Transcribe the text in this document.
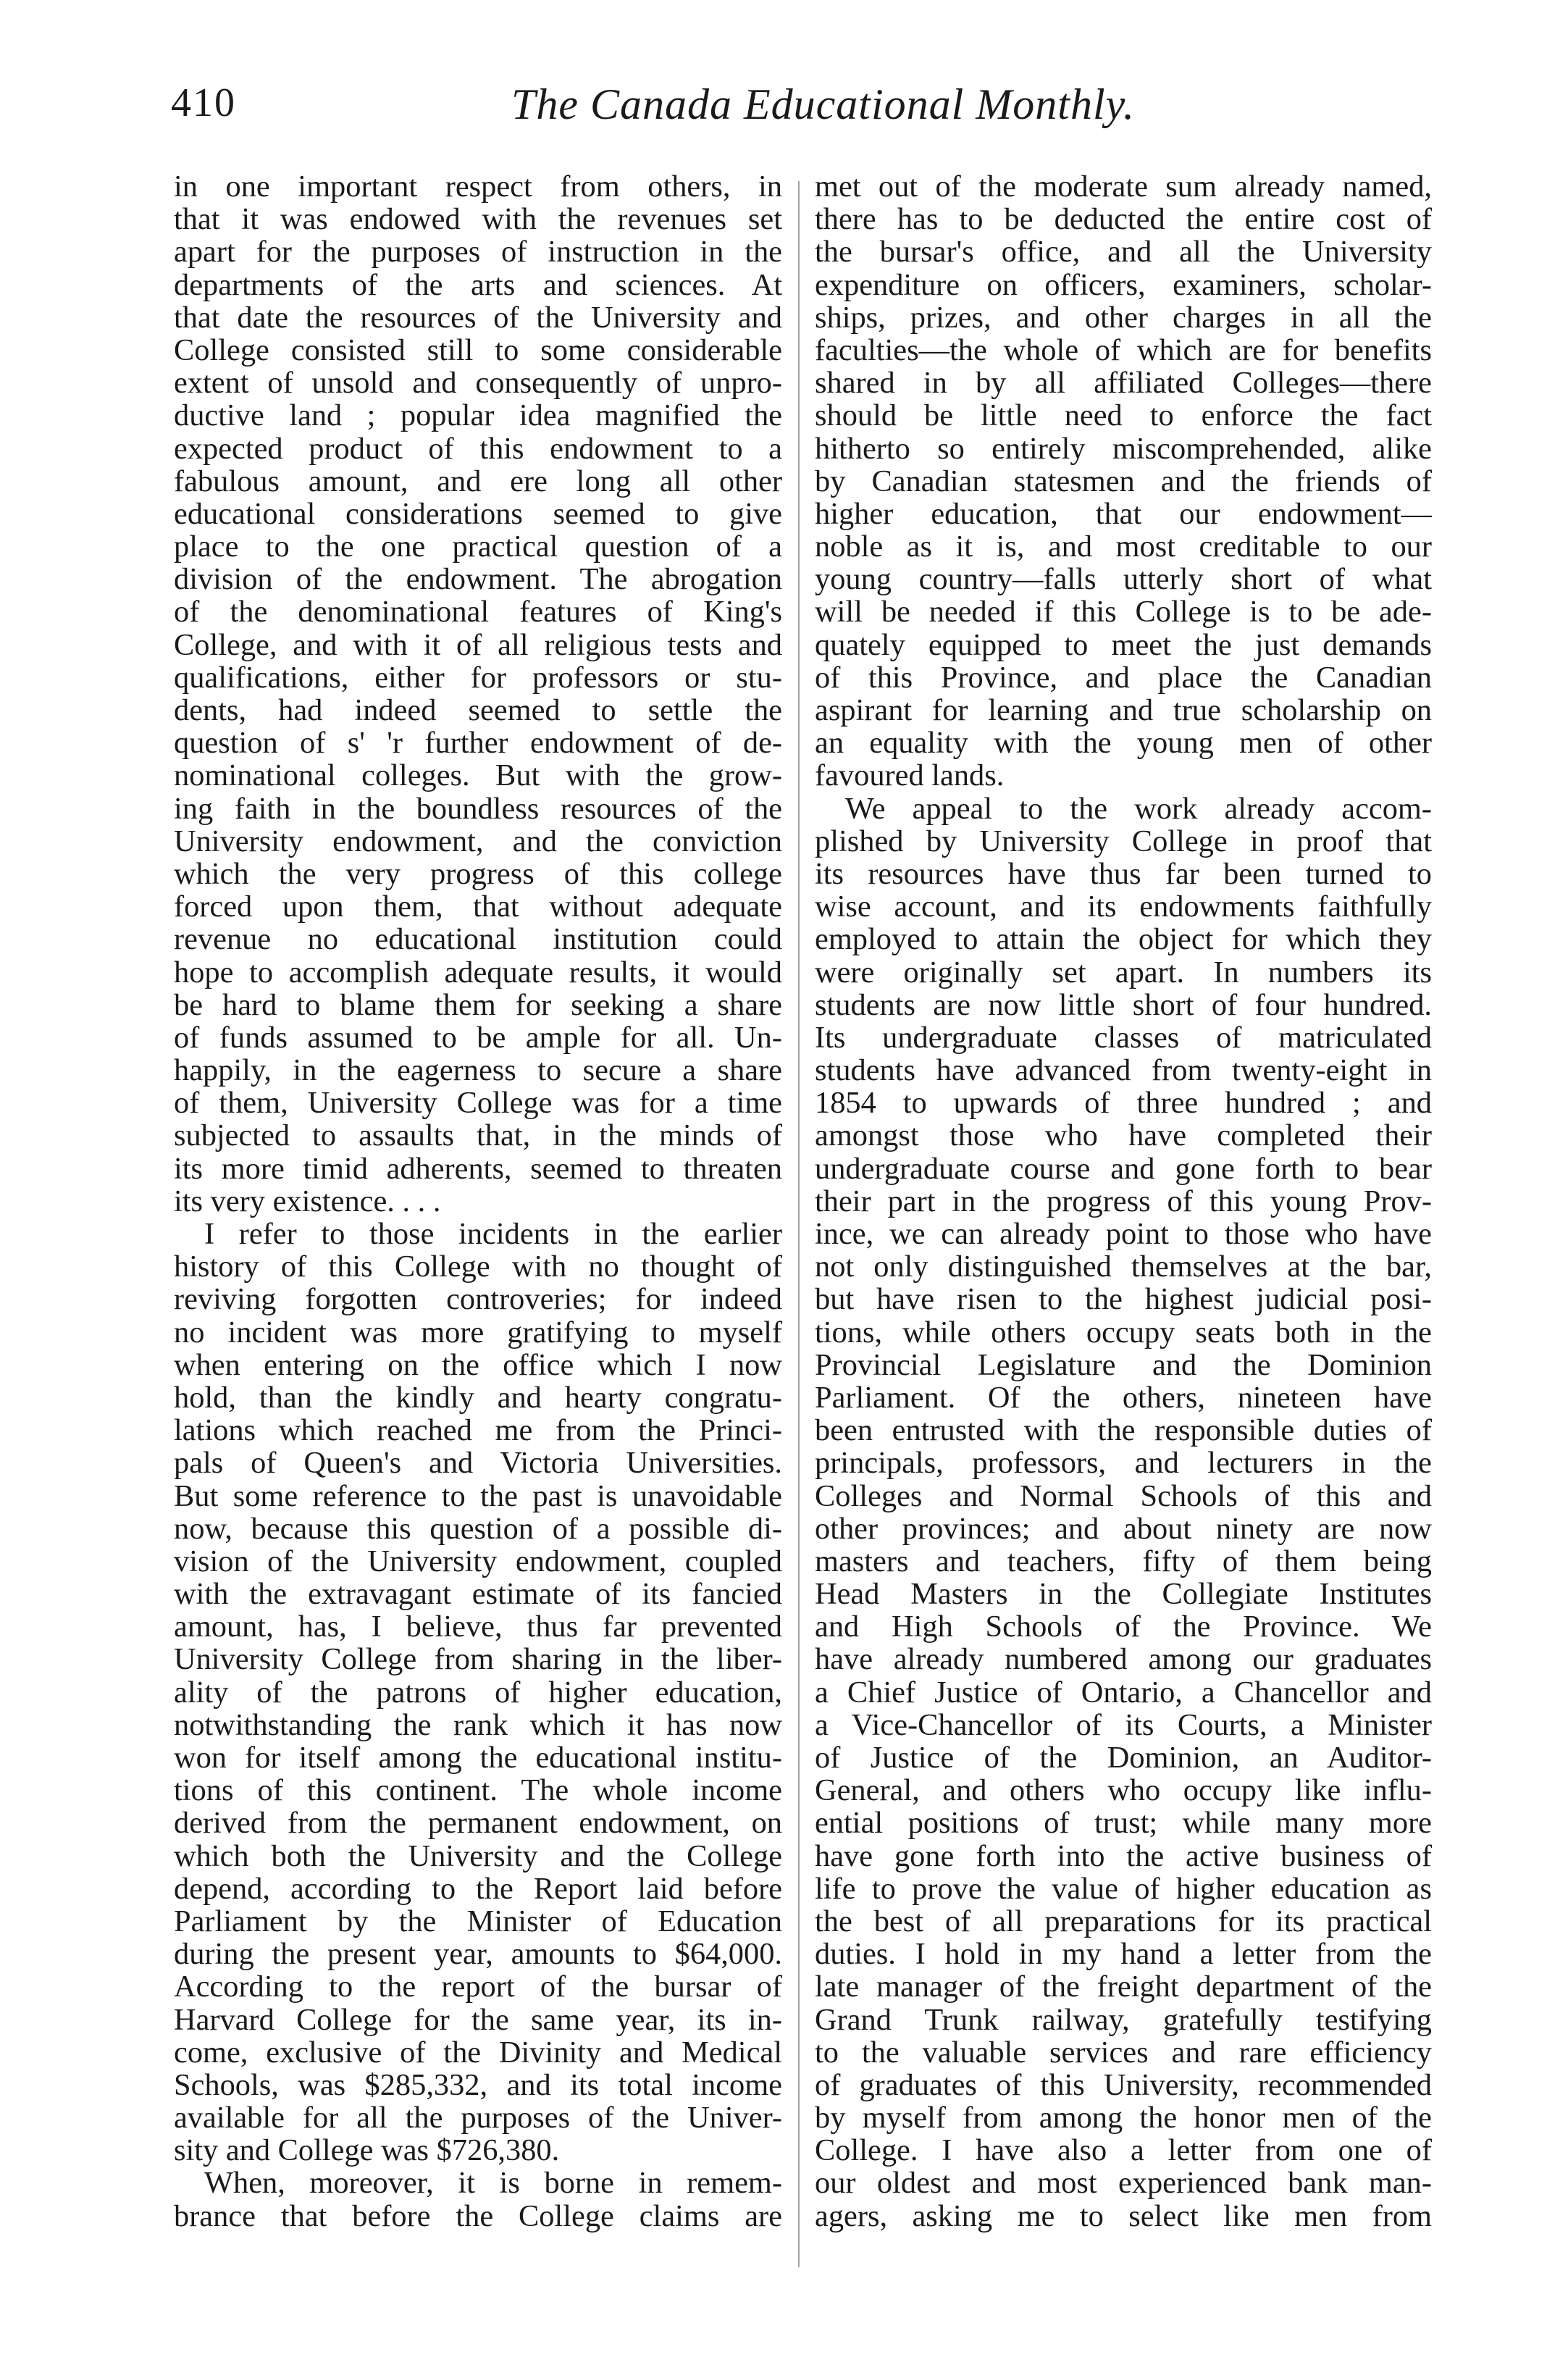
410	The Canada Educational Monthly.
in one important respect from others, in
that it was endowed with the revenues set
apart for the purposes of instruction in the
departments of the arts and sciences. At
that date the resources of the University and
College consisted still to some considerable
extent of unsold and consequently of unpro-
ductive land ; popular idea magnified the
expected product of this endowment to a
fabulous amount, and ere long all other
educational considerations seemed to give
place to the one practical question of a
division of the endowment. The abrogation
of the denominational features of King's
College, and with it of all religious tests and
qualifications, either for professors or stu-
dents, had indeed seemed to settle the
question of s' 'r further endowment of de-
nominational colleges. But with the grow-
ing faith in the boundless resources of the
University endowment, and the conviction
which the very progress of this college
forced upon them, that without adequate
revenue no educational institution could
hope to accomplish adequate results, it would
be hard to blame them for seeking a share
of funds assumed to be ample for all. Un-
happily, in the eagerness to secure a share
of them, University College was for a time
subjected to assaults that, in the minds of
its more timid adherents, seemed to threaten
its very existence. . . .
I refer to those incidents in the earlier
history of this College with no thought of
reviving forgotten controveries; for indeed
no incident was more gratifying to myself
when entering on the office which I now
hold, than the kindly and hearty congratu-
lations which reached me from the Princi-
pals of Queen's and Victoria Universities.
But some reference to the past is unavoidable
now, because this question of a possible di-
vision of the University endowment, coupled
with the extravagant estimate of its fancied
amount, has, I believe, thus far prevented
University College from sharing in the liber-
ality of the patrons of higher education,
notwithstanding the rank which it has now
won for itself among the educational institu-
tions of this continent. The whole income
derived from the permanent endowment, on
which both the University and the College
depend, according to the Report laid before
Parliament by the Minister of Education
during the present year, amounts to $64,000.
According to the report of the bursar of
Harvard College for the same year, its in-
come, exclusive of the Divinity and Medical
Schools, was $285,332, and its total income
available for all the purposes of the Univer-
sity and College was $726,380.
When, moreover, it is borne in remem-
brance that before the College claims are
met out of the moderate sum already named,
there has to be deducted the entire cost of
the bursar's office, and all the University
expenditure on officers, examiners, scholar-
ships, prizes, and other charges in all the
faculties—the whole of which are for benefits
shared in by all affiliated Colleges—there
should be little need to enforce the fact
hitherto so entirely miscomprehended, alike
by Canadian statesmen and the friends of
higher education, that our endowment—
noble as it is, and most creditable to our
young country—falls utterly short of what
will be needed if this College is to be ade-
quately equipped to meet the just demands
of this Province, and place the Canadian
aspirant for learning and true scholarship on
an equality with the young men of other
favoured lands.
We appeal to the work already accom-
plished by University College in proof that
its resources have thus far been turned to
wise account, and its endowments faithfully
employed to attain the object for which they
were originally set apart. In numbers its
students are now little short of four hundred.
Its undergraduate classes of matriculated
students have advanced from twenty-eight in
1854 to upwards of three hundred ; and
amongst those who have completed their
undergraduate course and gone forth to bear
their part in the progress of this young Prov-
ince, we can already point to those who have
not only distinguished themselves at the bar,
but have risen to the highest judicial posi-
tions, while others occupy seats both in the
Provincial Legislature and the Dominion
Parliament. Of the others, nineteen have
been entrusted with the responsible duties of
principals, professors, and lecturers in the
Colleges and Normal Schools of this and
other provinces; and about ninety are now
masters and teachers, fifty of them being
Head Masters in the Collegiate Institutes
and High Schools of the Province. We
have already numbered among our graduates
a Chief Justice of Ontario, a Chancellor and
a Vice-Chancellor of its Courts, a Minister
of Justice of the Dominion, an Auditor-
General, and others who occupy like influ-
ential positions of trust; while many more
have gone forth into the active business of
life to prove the value of higher education as
the best of all preparations for its practical
duties. I hold in my hand a letter from the
late manager of the freight department of the
Grand Trunk railway, gratefully testifying
to the valuable services and rare efficiency
of graduates of this University, recommended
by myself from among the honor men of the
College. I have also a letter from one of
our oldest and most experienced bank man-
agers, asking me to select like men from
